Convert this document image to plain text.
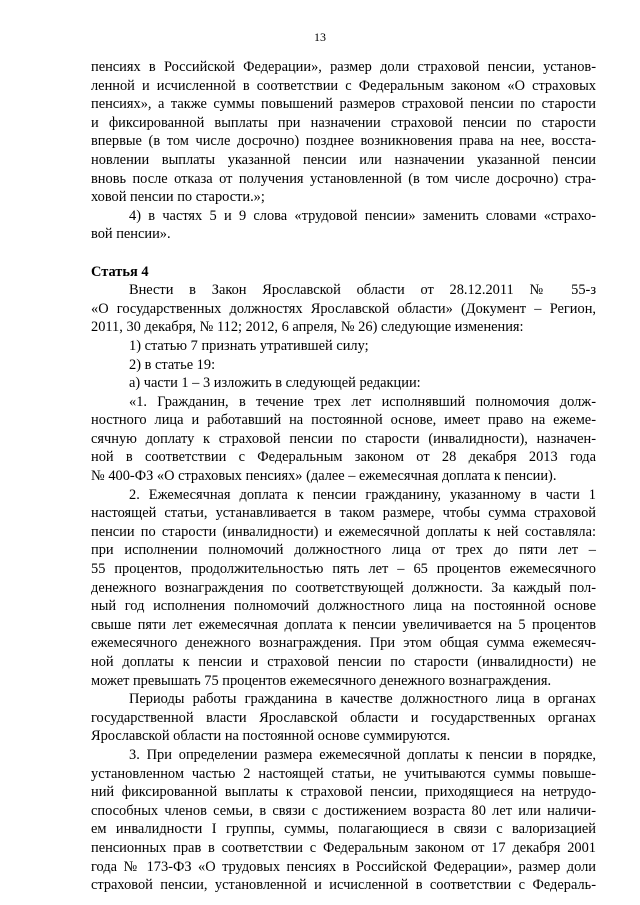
13
пенсиях в Российской Федерации», размер доли страховой пенсии, установ-
ленной и исчисленной в соответствии с Федеральным законом «О страховых
пенсиях», а также суммы повышений размеров страховой пенсии по старости
и фиксированной выплаты при назначении страховой пенсии по старости
впервые (в том числе досрочно) позднее возникновения права на нее, восста-
новлении выплаты указанной пенсии или назначении указанной пенсии
вновь после отказа от получения установленной (в том числе досрочно) стра-
ховой пенсии по старости.»;
4) в частях 5 и 9 слова «трудовой пенсии» заменить словами «страхо-
вой пенсии».
Статья 4
Внести в Закон Ярославской области от 28.12.2011 № 55-з
«О государственных должностях Ярославской области» (Документ – Регион,
2011, 30 декабря, № 112; 2012, 6 апреля, № 26) следующие изменения:
1) статью 7 признать утратившей силу;
2) в статье 19:
а) части 1 – 3 изложить в следующей редакции:
«1. Гражданин, в течение трех лет исполнявший полномочия долж-
ностного лица и работавший на постоянной основе, имеет право на ежеме-
сячную доплату к страховой пенсии по старости (инвалидности), назначен-
ной в соответствии с Федеральным законом от 28 декабря 2013 года
№ 400-ФЗ «О страховых пенсиях» (далее – ежемесячная доплата к пенсии).
2. Ежемесячная доплата к пенсии гражданину, указанному в части 1
настоящей статьи, устанавливается в таком размере, чтобы сумма страховой
пенсии по старости (инвалидности) и ежемесячной доплаты к ней составляла:
при исполнении полномочий должностного лица от трех до пяти лет –
55 процентов, продолжительностью пять лет – 65 процентов ежемесячного
денежного вознаграждения по соответствующей должности. За каждый пол-
ный год исполнения полномочий должностного лица на постоянной основе
свыше пяти лет ежемесячная доплата к пенсии увеличивается на 5 процентов
ежемесячного денежного вознаграждения. При этом общая сумма ежемесяч-
ной доплаты к пенсии и страховой пенсии по старости (инвалидности) не
может превышать 75 процентов ежемесячного денежного вознаграждения.
Периоды работы гражданина в качестве должностного лица в органах
государственной власти Ярославской области и государственных органах
Ярославской области на постоянной основе суммируются.
3. При определении размера ежемесячной доплаты к пенсии в порядке,
установленном частью 2 настоящей статьи, не учитываются суммы повыше-
ний фиксированной выплаты к страховой пенсии, приходящиеся на нетрудо-
способных членов семьи, в связи с достижением возраста 80 лет или наличи-
ем инвалидности I группы, суммы, полагающиеся в связи с валоризацией
пенсионных прав в соответствии с Федеральным законом от 17 декабря 2001
года № 173-ФЗ «О трудовых пенсиях в Российской Федерации», размер доли
страховой пенсии, установленной и исчисленной в соответствии с Федераль-
